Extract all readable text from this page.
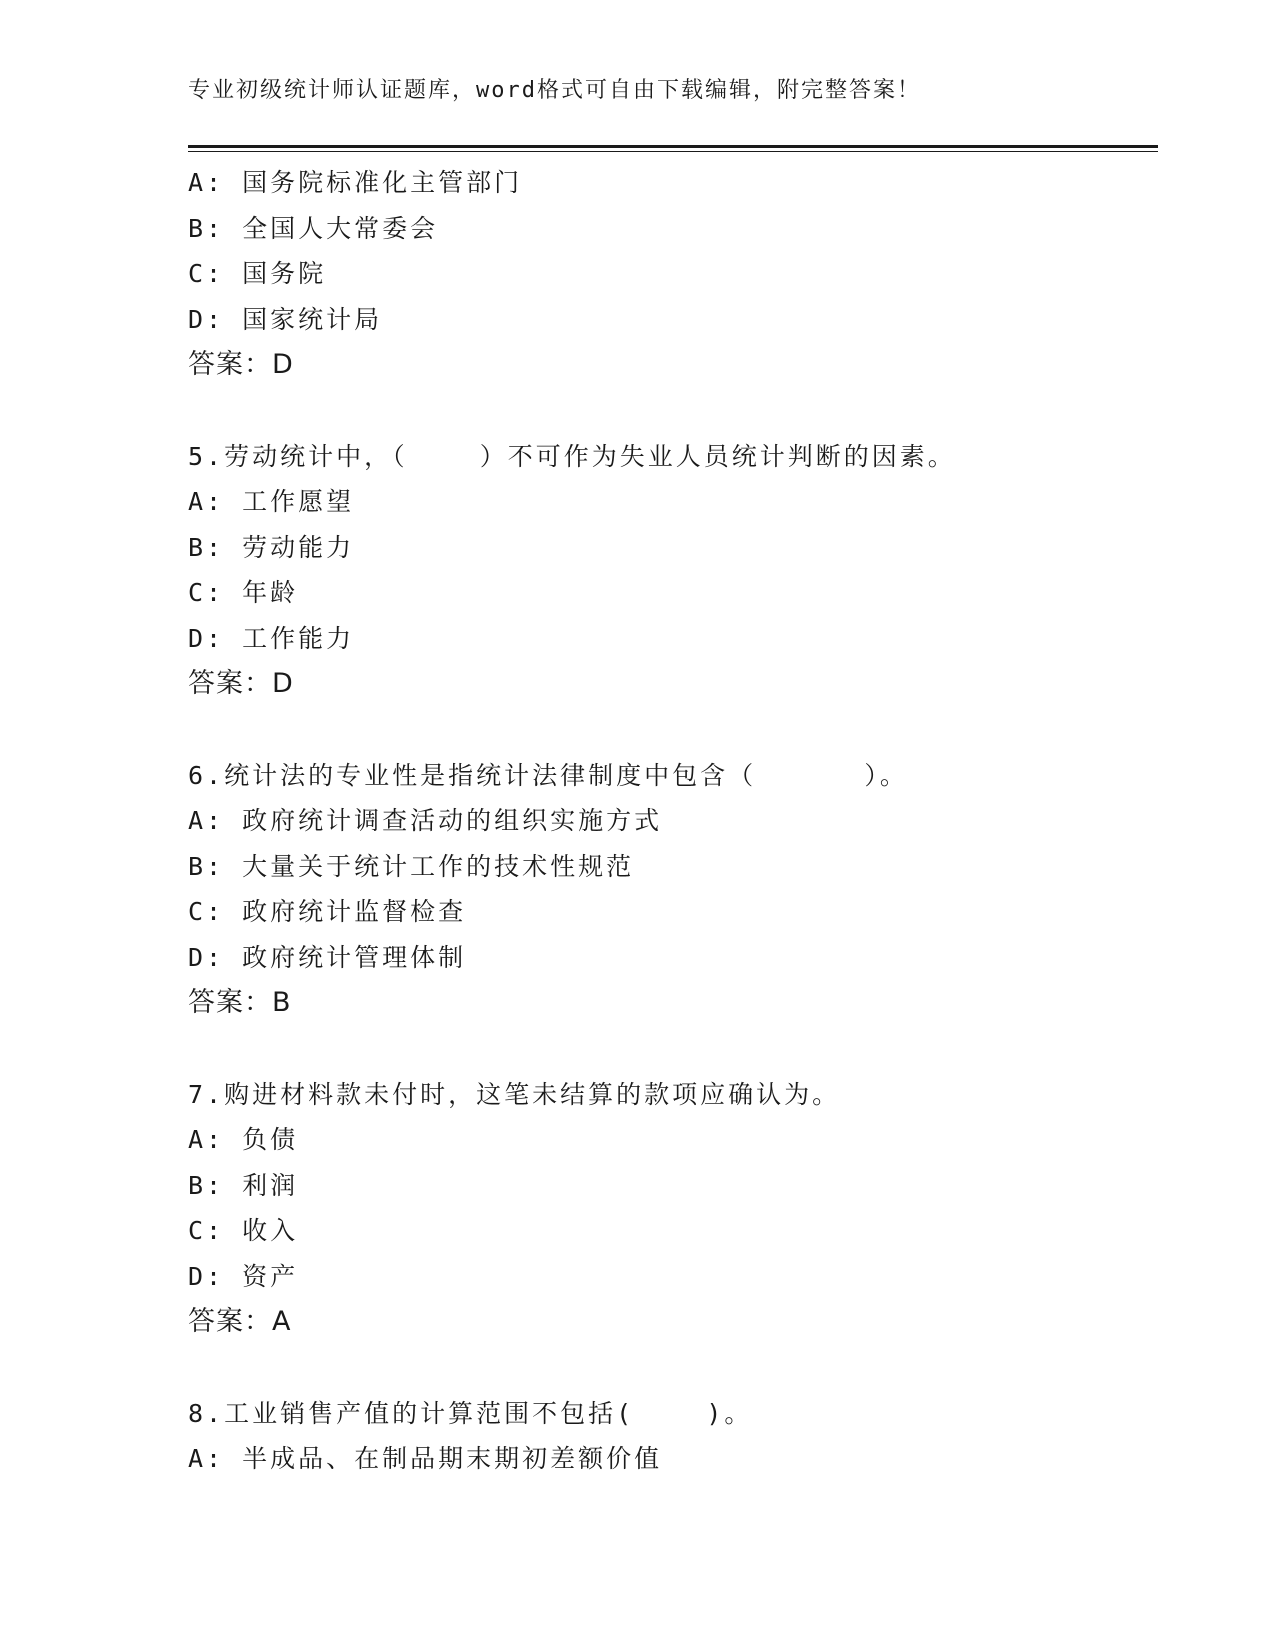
专业初级统计师认证题库，word格式可自由下载编辑，附完整答案！
A: 国务院标准化主管部门
B: 全国人大常委会
C: 国务院
D: 国家统计局
答案：D
5.劳动统计中，（    ）不可作为失业人员统计判断的因素。
A: 工作愿望
B: 劳动能力
C: 年龄
D: 工作能力
答案：D
6.统计法的专业性是指统计法律制度中包含（      ）。
A: 政府统计调查活动的组织实施方式
B: 大量关于统计工作的技术性规范
C: 政府统计监督检查
D: 政府统计管理体制
答案：B
7.购进材料款未付时，这笔未结算的款项应确认为。
A: 负债
B: 利润
C: 收入
D: 资产
答案：A
8.工业销售产值的计算范围不包括(    )。
A: 半成品、在制品期末期初差额价值
